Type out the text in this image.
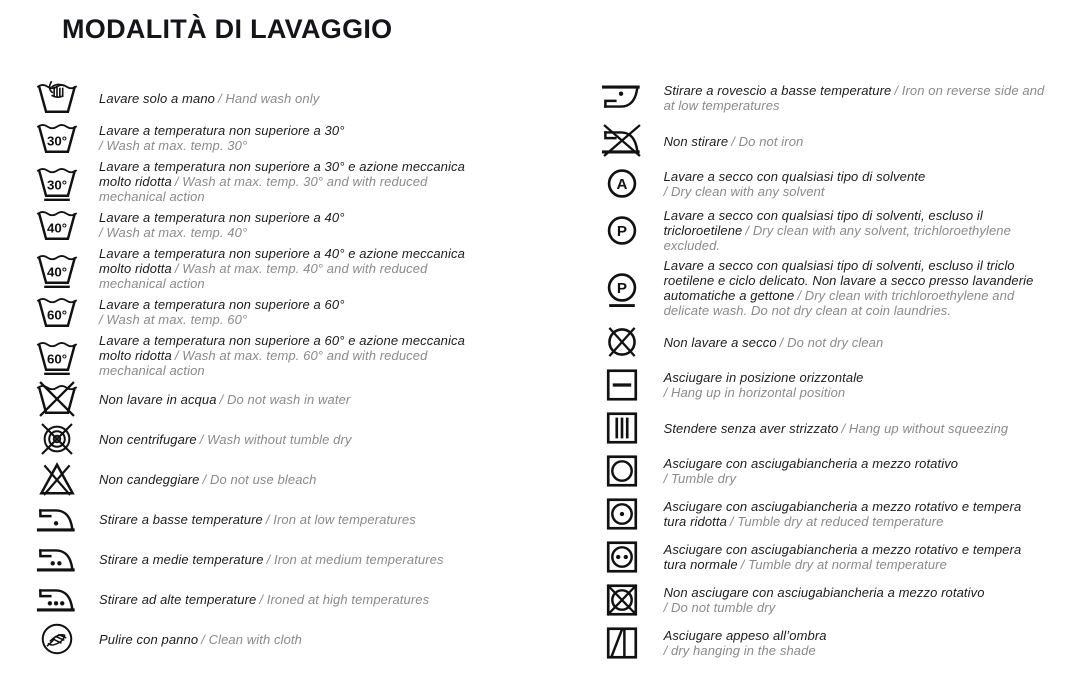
MODALITÀ DI LAVAGGIO

Lavare solo a mano / Hand wash only

30°

Lavare a temperatura non superiore a 30°
/ Wash at max. temp. 30°

30°

Lavare a temperatura non superiore a 30° e azione meccanica molto ridotta / Wash at max. temp. 30° and with reduced mechanical action

40°

Lavare a temperatura non superiore a 40°
/ Wash at max. temp. 40°

40°

Lavare a temperatura non superiore a 40° e azione meccanica molto ridotta / Wash at max. temp. 40° and with reduced mechanical action

60°

Lavare a temperatura non superiore a 60°
/ Wash at max. temp. 60°

60°

Lavare a temperatura non superiore a 60° e azione meccanica molto ridotta / Wash at max. temp. 60° and with reduced mechanical action

Non lavare in acqua / Do not wash in water

Non centrifugare / Wash without tumble dry

Non candeggiare / Do not use bleach

Stirare a basse temperature / Iron at low temperatures

Stirare a medie temperature / Iron at medium temperatures

Stirare ad alte temperature / Ironed at high temperatures

Pulire con panno / Clean with cloth

Stirare a rovescio a basse temperature / Iron on reverse side and at low temperatures

Non stirare / Do not iron

A	Lavare a secco con qualsiasi tipo di solvente
/ Dry clean with any solvent

P

Lavare a secco con qualsiasi tipo di solventi, escluso il tricloroetilene / Dry clean with any solvent, trichloroethylene excluded.

P

Lavare a secco con qualsiasi tipo di solventi, escluso il triclo roetilene e ciclo delicato. Non lavare a secco presso lavanderie automatiche a gettone / Dry clean with trichloroethylene and delicate wash. Do not dry clean at coin laundries.

Non lavare a secco / Do not dry clean

Asciugare in posizione orizzontale
/ Hang up in horizontal position

Stendere senza aver strizzato / Hang up without squeezing

Asciugare con asciugabiancheria a mezzo rotativo
/ Tumble dry

Asciugare con asciugabiancheria a mezzo rotativo e tempera tura ridotta / Tumble dry at reduced temperature

Asciugare con asciugabiancheria a mezzo rotativo e tempera tura normale / Tumble dry at normal temperature

Non asciugare con asciugabiancheria a mezzo rotativo
/ Do not tumble dry

Asciugare appeso all’ombra
/ dry hanging in the shade
